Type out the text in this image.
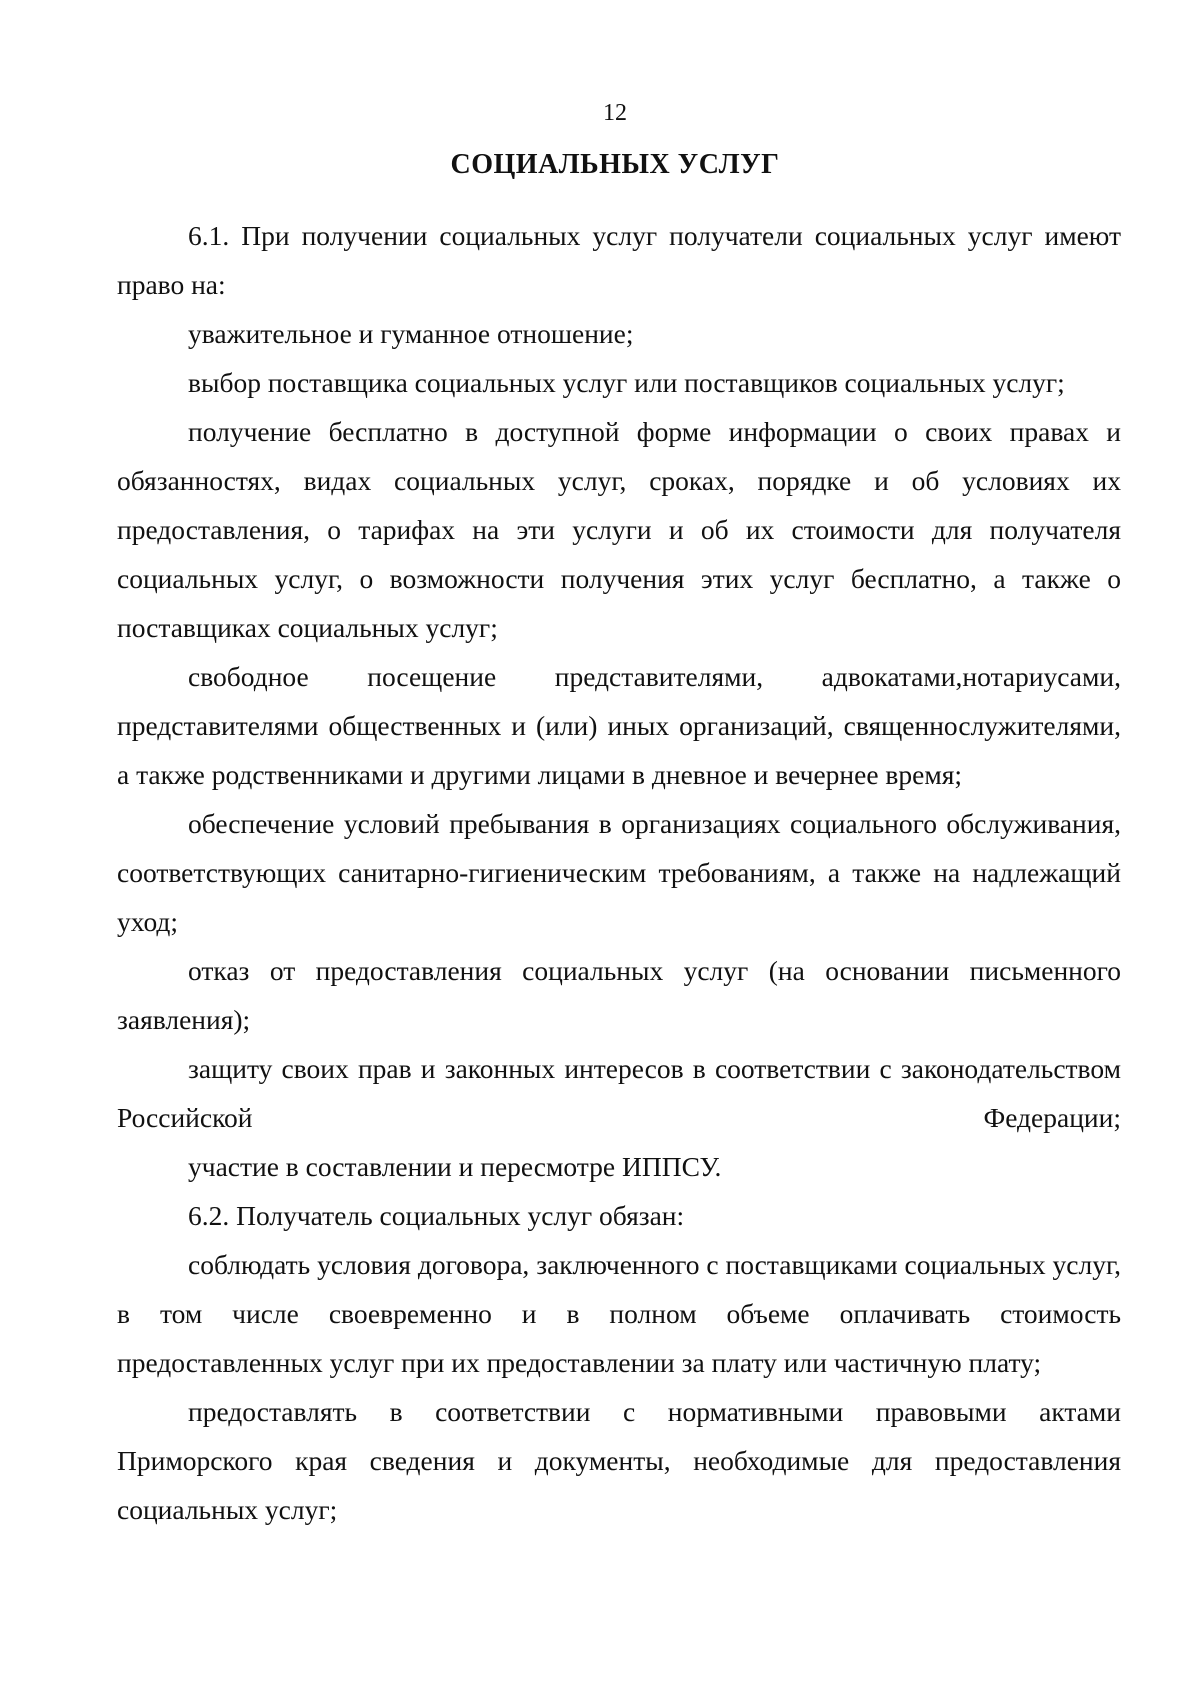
12
СОЦИАЛЬНЫХ УСЛУГ

6.1. При получении социальных услуг получатели социальных услуг имеют право на:

уважительное и гуманное отношение;

выбор поставщика социальных услуг или поставщиков социальных услуг;

получение бесплатно в доступной форме информации о своих правах и обязанностях, видах социальных услуг, сроках, порядке и об условиях их предоставления, о тарифах на эти услуги и об их стоимости для получателя социальных услуг, о возможности получения этих услуг бесплатно, а также о поставщиках социальных услуг;

свободное посещение представителями, адвокатами,нотариусами, представителями общественных и (или) иных организаций, священнослужителями, а также родственниками и другими лицами в дневное и вечернее время;

обеспечение условий пребывания в организациях социального обслуживания, соответствующих санитарно-гигиеническим требованиям, а также на надлежащий уход;

отказ от предоставления социальных услуг (на основании письменного заявления);

защиту своих прав и законных интересов в соответствии с законодательством Российской Федерации;

участие в составлении и пересмотре ИППСУ.

6.2. Получатель социальных услуг обязан:

соблюдать условия договора, заключенного с поставщиками социальных услуг, в том числе своевременно и в полном объеме оплачивать стоимость предоставленных услуг при их предоставлении за плату или частичную плату;

предоставлять в соответствии с нормативными правовыми актами Приморского края сведения и документы, необходимые для предоставления социальных услуг;
